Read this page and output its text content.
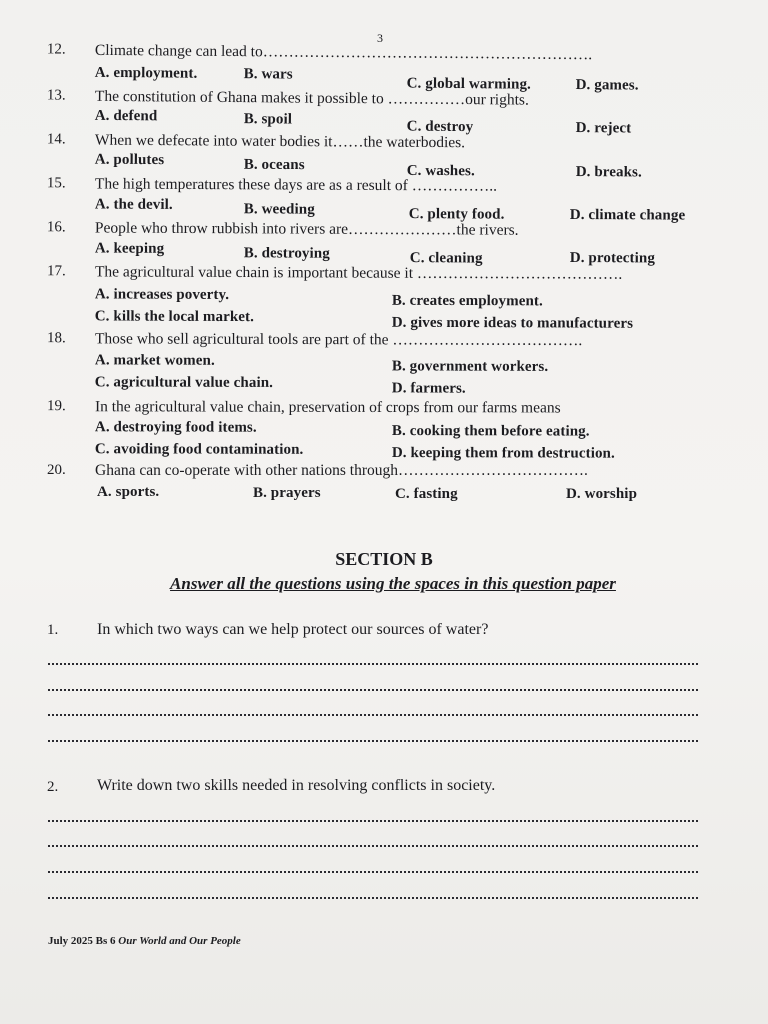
3
12. Climate change can lead to……………………………………………………….
A. employment.	B. wars
C. global warming.	D. games.
13. The constitution of Ghana makes it possible to ……………our rights.
A. defend	B. spoil	C. destroy	D. reject
14. When we defecate into water bodies it……the waterbodies.
A. pollutes	B. oceans	C. washes.	D. breaks.
15. The high temperatures these days are as a result of ……………..
A. the devil.	B. weeding	C. plenty food.	D. climate change
16. People who throw rubbish into rivers are…………………the rivers.
A. keeping	B. destroying	C. cleaning	D. protecting
17. The agricultural value chain is important because it ………………………………….
A. increases poverty.	B. creates employment.
C. kills the local market.	D. gives more ideas to manufacturers
18. Those who sell agricultural tools are part of the ……………………………….
A. market women.	B. government workers.
C. agricultural value chain.	D. farmers.
19. In the agricultural value chain, preservation of crops from our farms means
A. destroying food items.	B. cooking them before eating.
C. avoiding food contamination.	D. keeping them from destruction.
20. Ghana can co-operate with other nations through……………………………….
A. sports.	B. prayers	C. fasting	D. worship
SECTION B
Answer all the questions using the spaces in this question paper
1. In which two ways can we help protect our sources of water?
2. Write down two skills needed in resolving conflicts in society.
July 2025 Bs 6 Our World and Our People
